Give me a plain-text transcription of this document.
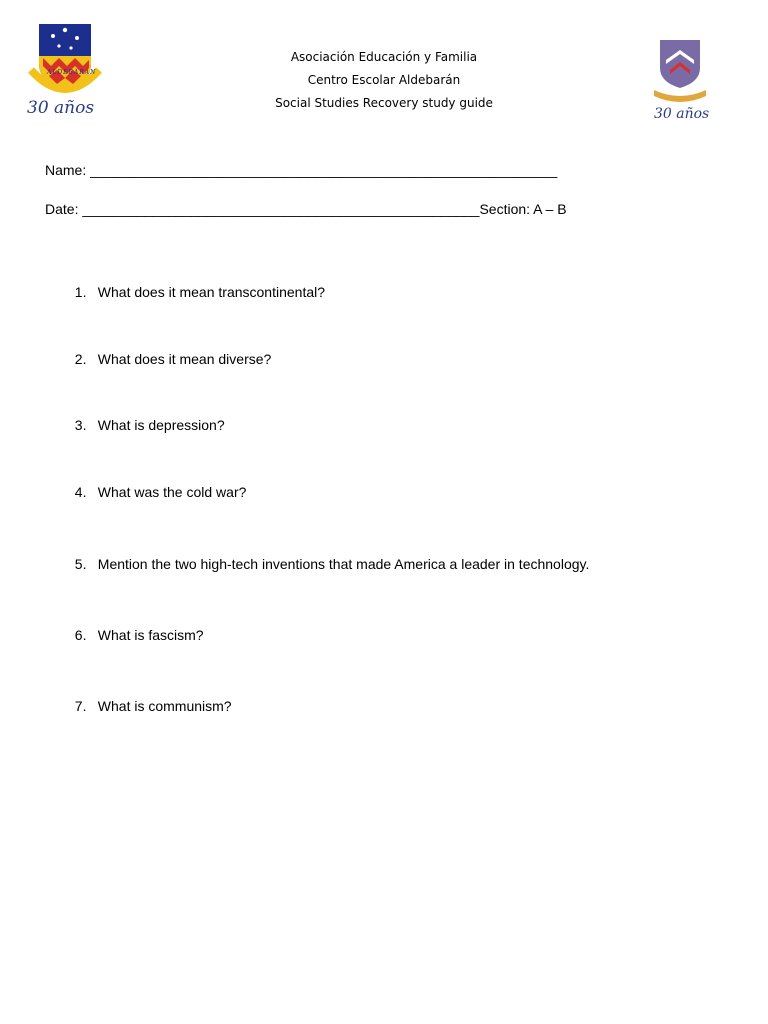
ALDEBARAN
30 años	30 años
Asociación Educación y Familia
Centro Escolar Aldebarán
Social Studies Recovery study guide
Name: ____________________________________________________________
Date: ___________________________________________________Section: A – B

1. What does it mean transcontinental?

2. What does it mean diverse?

3. What is depression?

4. What was the cold war?

5. Mention the two high-tech inventions that made America a leader in technology.

6. What is fascism?

7. What is communism?
